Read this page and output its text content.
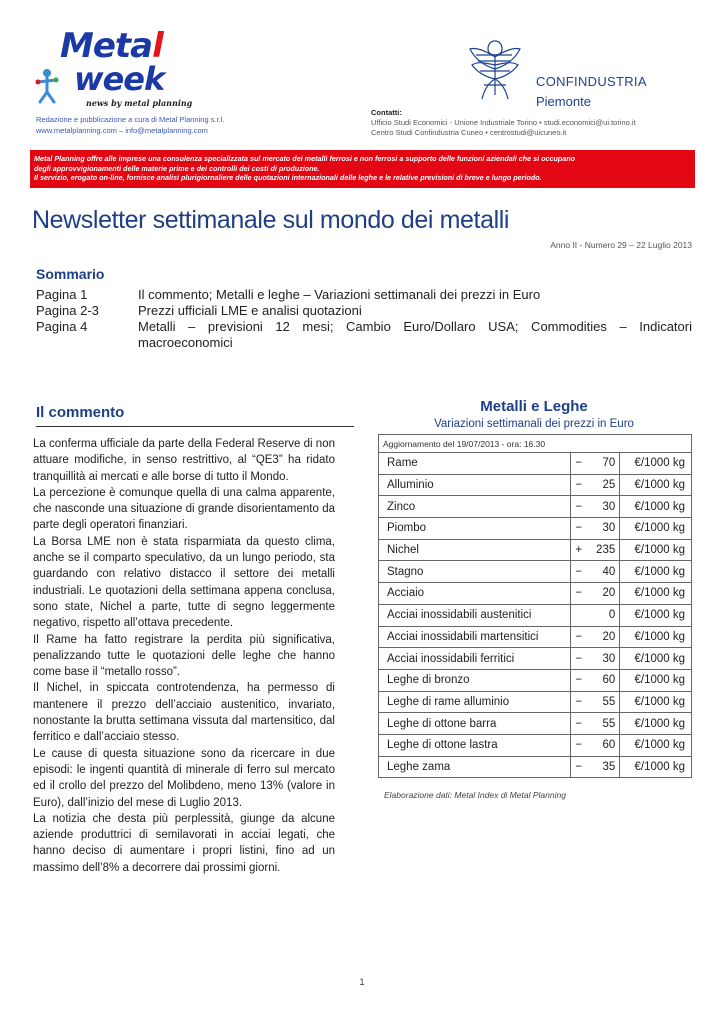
Metal
week
news by metal planning
Redazione e pubblicazione a cura di Metal Planning s.r.l.
www.metalplanning.com – info@metalplanning.com
CONFINDUSTRIA
Piemonte
Contatti:
Ufficio Studi Economici - Unione Industriale Torino • studi.economici@ui.torino.it
Centro Studi Confindustria Cuneo • centrostudi@uicuneo.it

Metal Planning offre alle imprese una consulenza specializzata sul mercato dei metalli ferrosi e non ferrosi a supporto delle funzioni aziendali che si occupano

degli approvvigionamenti delle materie prime e dei controlli dei costi di produzione.

Il servizio, erogato on-line, fornisce analisi plurigiornaliere delle quotazioni internazionali delle leghe e le relative previsioni di breve e lungo periodo.

Newsletter settimanale sul mondo dei metalli
Anno II - Numero 29 – 22 Luglio 2013
Sommario
Pagina 1	Il commento; Metalli e leghe – Variazioni settimanali dei prezzi in Euro
Pagina 2-3	Prezzi ufficiali LME e analisi quotazioni
Pagina 4	Metalli – previsioni 12 mesi; Cambio Euro/Dollaro USA; Commodities – Indicatori
macroeconomici
Il commento

La conferma ufficiale da parte della Federal Reserve di non attuare modifiche, in senso restrittivo, al “QE3” ha ridato tranquillità ai mercati e alle borse di tutto il Mondo.

La percezione è comunque quella di una calma apparente, che nasconde una situazione di grande disorientamento da parte degli operatori finanziari.

La Borsa LME non è stata risparmiata da questo clima, anche se il comparto speculativo, da un lungo periodo, sta guardando con relativo distacco il settore dei metalli industriali. Le quotazioni della settimana appena conclusa, sono state, Nichel a parte, tutte di segno leggermente negativo, rispetto all’ottava precedente.

Il Rame ha fatto registrare la perdita più significativa, penalizzando tutte le quotazioni delle leghe che hanno come base il “metallo rosso”.

Il Nichel, in spiccata controtendenza, ha permesso di mantenere il prezzo dell’acciaio austenitico, invariato, nonostante la brutta settimana vissuta dal martensitico, dal ferritico e dall’acciaio stesso.

Le cause di questa situazione sono da ricercare in due episodi: le ingenti quantità di minerale di ferro sul mercato ed il crollo del prezzo del Molibdeno, meno 13% (valore in Euro), dall’inizio del mese di Luglio 2013.

La notizia che desta più perplessità, giunge da alcune aziende produttrici di semilavorati in acciai legati, che hanno deciso di aumentare i propri listini, fino ad un massimo dell’8% a decorrere dai prossimi giorni.

Metalli e Leghe
Variazioni settimanali dei prezzi in Euro
Aggiornamento del 19/07/2013 - ora: 16.30			
Rame	−	70	€/1000 kg
Alluminio	−	25	€/1000 kg
Zinco	−	30	€/1000 kg
Piombo	−	30	€/1000 kg
Nichel	+	235	€/1000 kg
Stagno	−	40	€/1000 kg
Acciaio	−	20	€/1000 kg
Acciai inossidabili austenitici		0	€/1000 kg
Acciai inossidabili martensitici	−	20	€/1000 kg
Acciai inossidabili ferritici	−	30	€/1000 kg
Leghe di bronzo	−	60	€/1000 kg
Leghe di rame alluminio	−	55	€/1000 kg
Leghe di ottone barra	−	55	€/1000 kg
Leghe di ottone lastra	−	60	€/1000 kg
Leghe zama	−	35	€/1000 kg
Elaborazione dati: Metal Index di Metal Planning
1
